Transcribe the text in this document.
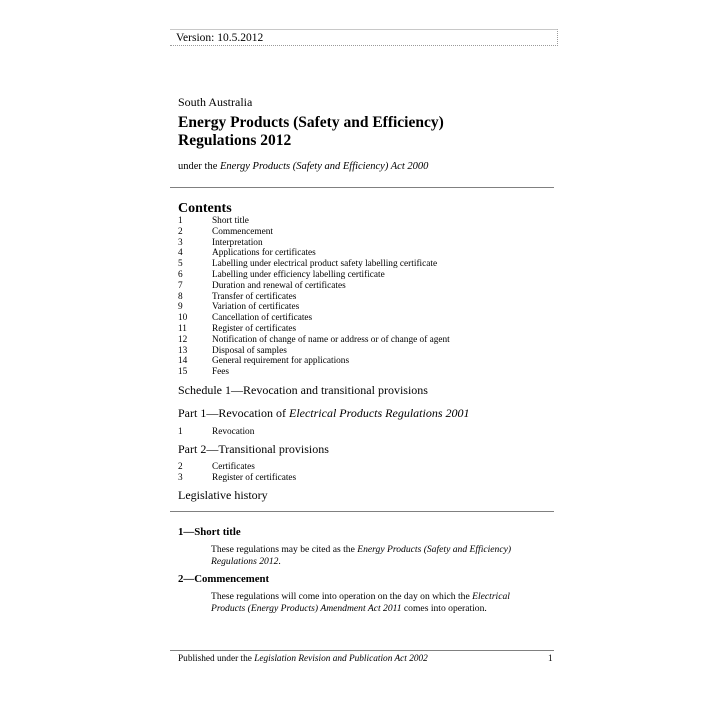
Version: 10.5.2012
South Australia
Energy Products (Safety and Efficiency)
Regulations 2012
under the Energy Products (Safety and Efficiency) Act 2000
Contents
1	Short title
2	Commencement
3	Interpretation
4	Applications for certificates
5	Labelling under electrical product safety labelling certificate
6	Labelling under efficiency labelling certificate
7	Duration and renewal of certificates
8	Transfer of certificates
9	Variation of certificates
10	Cancellation of certificates
11	Register of certificates
12	Notification of change of name or address or of change of agent
13	Disposal of samples
14	General requirement for applications
15	Fees
Schedule 1—Revocation and transitional provisions
Part 1—Revocation of Electrical Products Regulations 2001
1	Revocation
Part 2—Transitional provisions
2	Certificates
3	Register of certificates
Legislative history
1—Short title
These regulations may be cited as the Energy Products (Safety and Efficiency) Regulations 2012.
2—Commencement
These regulations will come into operation on the day on which the Electrical Products (Energy Products) Amendment Act 2011 comes into operation.
Published under the Legislation Revision and Publication Act 2002	1
